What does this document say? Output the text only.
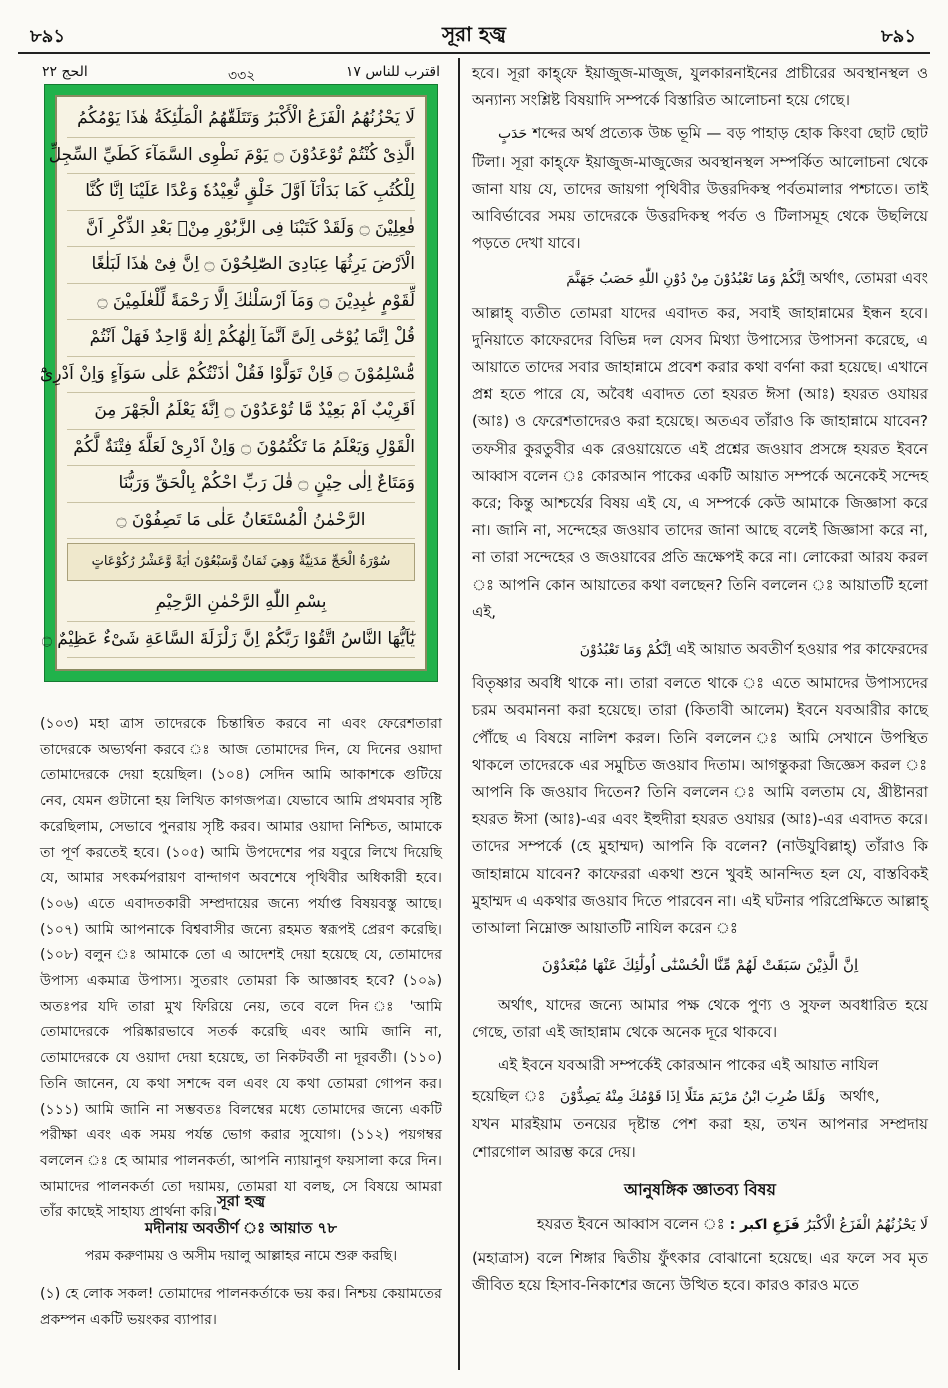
৮৯১	সূরা হজ্ব	৮৯১
الحج ٢٢	৩৩২	اقترب للناس ١٧
لَا يَحْزُنُهُمُ الْفَزَعُ الْأَكْبَرُ وَتَتَلَقّٰهُمُ الْمَلٰٓئِكَةُ هٰذَا يَوْمُكُمُ
الَّذِىْ كُنْتُمْ تُوْعَدُوْنَ ۝ يَوْمَ نَطْوِى السَّمَآءَ كَطَيِّ السِّجِلِّ
لِلْكُتُبِ كَمَا بَدَاْنَآ اَوَّلَ خَلْقٍ نُّعِيْدُهٗ وَعْدًا عَلَيْنَا اِنَّا كُنَّا
فٰعِلِيْنَ ۝ وَلَقَدْ كَتَبْنَا فِى الزَّبُوْرِ مِنْۢ بَعْدِ الذِّكْرِ اَنَّ
الْاَرْضَ يَرِثُهَا عِبَادِىَ الصّٰلِحُوْنَ ۝ اِنَّ فِىْ هٰذَا لَبَلٰغًا
لِّقَوْمٍ عٰبِدِيْنَ ۝ وَمَآ اَرْسَلْنٰكَ اِلَّا رَحْمَةً لِّلْعٰلَمِيْنَ ۝
قُلْ اِنَّمَا يُوْحٰٓى اِلَىَّ اَنَّمَآ اِلٰهُكُمْ اِلٰهٌ وَّاحِدٌ فَهَلْ اَنْتُمْ
مُّسْلِمُوْنَ ۝ فَاِنْ تَوَلَّوْا فَقُلْ اٰذَنْتُكُمْ عَلٰى سَوَآءٍ وَاِنْ اَدْرِىْٓ
اَقَرِيْبٌ اَمْ بَعِيْدٌ مَّا تُوْعَدُوْنَ ۝ اِنَّهٗ يَعْلَمُ الْجَهْرَ مِنَ
الْقَوْلِ وَيَعْلَمُ مَا تَكْتُمُوْنَ ۝ وَاِنْ اَدْرِىْ لَعَلَّهٗ فِتْنَةٌ لَّكُمْ
وَمَتَاعٌ اِلٰى حِيْنٍ ۝ قٰلَ رَبِّ احْكُمْ بِالْحَقِّ وَرَبُّنَا
الرَّحْمٰنُ الْمُسْتَعَانُ عَلٰى مَا تَصِفُوْنَ ۝
سُوْرَةُ الْحَجِّ مَدَنِيَّةٌ وَهِيَ ثَمَانٌ وَّسَبْعُوْنَ اٰيَةً وَّعَشْرُ رُكُوْعَاتٍ
بِسْمِ اللّٰهِ الرَّحْمٰنِ الرَّحِيْمِ
يٰٓاَيُّهَا النَّاسُ اتَّقُوْا رَبَّكُمْ اِنَّ زَلْزَلَةَ السَّاعَةِ شَىْءٌ عَظِيْمٌ ۝

(১০৩) মহা ত্রাস তাদেরকে চিন্তান্বিত করবে না এবং ফেরেশতারা তাদেরকে অভ্যর্থনা করবে ঃ আজ তোমাদের দিন, যে দিনের ওয়াদা তোমাদেরকে দেয়া হয়েছিল। (১০৪) সেদিন আমি আকাশকে গুটিয়ে নেব, যেমন গুটানো হয় লিখিত কাগজপত্র। যেভাবে আমি প্রথমবার সৃষ্টি করেছিলাম, সেভাবে পুনরায় সৃষ্টি করব। আমার ওয়াদা নিশ্চিত, আমাকে তা পূর্ণ করতেই হবে। (১০৫) আমি উপদেশের পর যবুরে লিখে দিয়েছি যে, আমার সৎকর্মপরায়ণ বান্দাগণ অবশেষে পৃথিবীর অধিকারী হবে। (১০৬) এতে এবাদতকারী সম্প্রদায়ের জন্যে পর্যাপ্ত বিষয়বস্তু আছে। (১০৭) আমি আপনাকে বিশ্ববাসীর জন্যে রহমত স্বরূপই প্রেরণ করেছি। (১০৮) বলুন ঃ আমাকে তো এ আদেশই দেয়া হয়েছে যে, তোমাদের উপাস্য একমাত্র উপাস্য। সুতরাং তোমরা কি আজ্ঞাবহ হবে? (১০৯) অতঃপর যদি তারা মুখ ফিরিয়ে নেয়, তবে বলে দিন ঃ 'আমি তোমাদেরকে পরিষ্কারভাবে সতর্ক করেছি এবং আমি জানি না, তোমাদেরকে যে ওয়াদা দেয়া হয়েছে, তা নিকটবর্তী না দূরবর্তী। (১১০) তিনি জানেন, যে কথা সশব্দে বল এবং যে কথা তোমরা গোপন কর। (১১১) আমি জানি না সম্ভবতঃ বিলম্বের মধ্যে তোমাদের জন্যে একটি পরীক্ষা এবং এক সময় পর্যন্ত ভোগ করার সুযোগ। (১১২) পয়গম্বর বললেন ঃ হে আমার পালনকর্তা, আপনি ন্যায়ানুগ ফয়সালা করে দিন। আমাদের পালনকর্তা তো দয়াময়, তোমরা যা বলছ, সে বিষয়ে আমরা তাঁর কাছেই সাহায্য প্রার্থনা করি।

সূরা হজ্ব
মদীনায় অবতীর্ণ ঃ আয়াত ৭৮
পরম করুণাময় ও অসীম দয়ালু আল্লাহর নামে শুরু করছি।

(১) হে লোক সকল! তোমাদের পালনকর্তাকে ভয় কর। নিশ্চয় কেয়ামতের প্রকম্পন একটি ভয়ংকর ব্যাপার।

হবে। সূরা কাহ্‌ফে ইয়াজুজ-মাজুজ, যুলকারনাইনের প্রাচীরের অবস্থানস্থল ও অন্যান্য সংশ্লিষ্ট বিষয়াদি সম্পর্কে বিস্তারিত আলোচনা হয়ে গেছে।

حَدَبٍ শব্দের অর্থ প্রত্যেক উচ্চ ভূমি — বড় পাহাড় হোক কিংবা ছোট ছোট টিলা। সূরা কাহ্‌ফে ইয়াজুজ-মাজুজের অবস্থানস্থল সম্পর্কিত আলোচনা থেকে জানা যায় যে, তাদের জায়গা পৃথিবীর উত্তরদিকস্থ পর্বতমালার পশ্চাতে। তাই আবির্ভাবের সময় তাদেরকে উত্তরদিকস্থ পর্বত ও টিলাসমূহ থেকে উছলিয়ে পড়তে দেখা যাবে।

اِنَّكُمْ وَمَا تَعْبُدُوْنَ مِنْ دُوْنِ اللّٰهِ حَصَبُ جَهَنَّمَ অর্থাৎ, তোমরা এবং

আল্লাহ্‌ ব্যতীত তোমরা যাদের এবাদত কর, সবাই জাহান্নামের ইন্ধন হবে। দুনিয়াতে কাফেরদের বিভিন্ন দল যেসব মিথ্যা উপাস্যের উপাসনা করেছে, এ আয়াতে তাদের সবার জাহান্নামে প্রবেশ করার কথা বর্ণনা করা হয়েছে। এখানে প্রশ্ন হতে পারে যে, অবৈধ এবাদত তো হযরত ঈসা (আঃ) হযরত ওযায়র (আঃ) ও ফেরেশতাদেরও করা হয়েছে। অতএব তাঁরাও কি জাহান্নামে যাবেন? তফসীর কুরতুবীর এক রেওয়ায়েতে এই প্রশ্নের জওয়াব প্রসঙ্গে হযরত ইবনে আব্বাস বলেন ঃ কোরআন পাকের একটি আয়াত সম্পর্কে অনেকেই সন্দেহ করে; কিন্তু আশ্চর্যের বিষয় এই যে, এ সম্পর্কে কেউ আমাকে জিজ্ঞাসা করে না। জানি না, সন্দেহের জওয়াব তাদের জানা আছে বলেই জিজ্ঞাসা করে না, না তারা সন্দেহের ও জওয়াবের প্রতি ভ্রূক্ষেপই করে না। লোকেরা আরয করল ঃ আপনি কোন আয়াতের কথা বলছেন? তিনি বললেন ঃ আয়াতটি হলো এই,

اِنَّكُمْ وَمَا تَعْبُدُوْنَ এই আয়াত অবতীর্ণ হওয়ার পর কাফেরদের

বিতৃষ্ণার অবধি থাকে না। তারা বলতে থাকে ঃ এতে আমাদের উপাস্যদের চরম অবমাননা করা হয়েছে। তারা (কিতাবী আলেম) ইবনে যবআরীর কাছে পৌঁছে এ বিষয়ে নালিশ করল। তিনি বললেন ঃ আমি সেখানে উপস্থিত থাকলে তাদেরকে এর সমুচিত জওয়াব দিতাম। আগন্তুকরা জিজ্ঞেস করল ঃ আপনি কি জওয়াব দিতেন? তিনি বললেন ঃ আমি বলতাম যে, খ্রীষ্টানরা হযরত ঈসা (আঃ)-এর এবং ইহুদীরা হযরত ওযায়র (আঃ)-এর এবাদত করে। তাদের সম্পর্কে (হে মুহাম্মদ) আপনি কি বলেন? (নাউযুবিল্লাহ্‌) তাঁরাও কি জাহান্নামে যাবেন? কাফেররা একথা শুনে খুবই আনন্দিত হল যে, বাস্তবিকই মুহাম্মদ এ একথার জওয়াব দিতে পারবেন না। এই ঘটনার পরিপ্রেক্ষিতে আল্লাহ্‌ তাআলা নিম্নোক্ত আয়াতটি নাযিল করেন ঃ

اِنَّ الَّذِيْنَ سَبَقَتْ لَهُمْ مِّنَّا الْحُسْنٰٓى اُولٰٓئِكَ عَنْهَا مُبْعَدُوْنَ

অর্থাৎ, যাদের জন্যে আমার পক্ষ থেকে পুণ্য ও সুফল অবধারিত হয়ে গেছে, তারা এই জাহান্নাম থেকে অনেক দূরে থাকবে।

এই ইবনে যবআরী সম্পর্কেই কোরআন পাকের এই আয়াত নাযিল

হয়েছিল ঃ وَلَمَّا ضُرِبَ ابْنُ مَرْيَمَ مَثَلًا اِذَا قَوْمُكَ مِنْهُ يَصِدُّوْنَ অর্থাৎ,

যখন মারইয়াম তনয়ের দৃষ্টান্ত পেশ করা হয়, তখন আপনার সম্প্রদায় শোরগোল আরম্ভ করে দেয়।

আনুষঙ্গিক জ্ঞাতব্য বিষয়

হযরত ইবনে আব্বাস বলেন ঃ	لَا يَحْزُنُهُمُ الْفَزَعُ الْاَكْبَرُ فَزَعِ اكبر :

(মহাত্রাস) বলে শিঙ্গার দ্বিতীয় ফুঁৎকার বোঝানো হয়েছে। এর ফলে সব মৃত জীবিত হয়ে হিসাব-নিকাশের জন্যে উত্থিত হবে। কারও কারও মতে
